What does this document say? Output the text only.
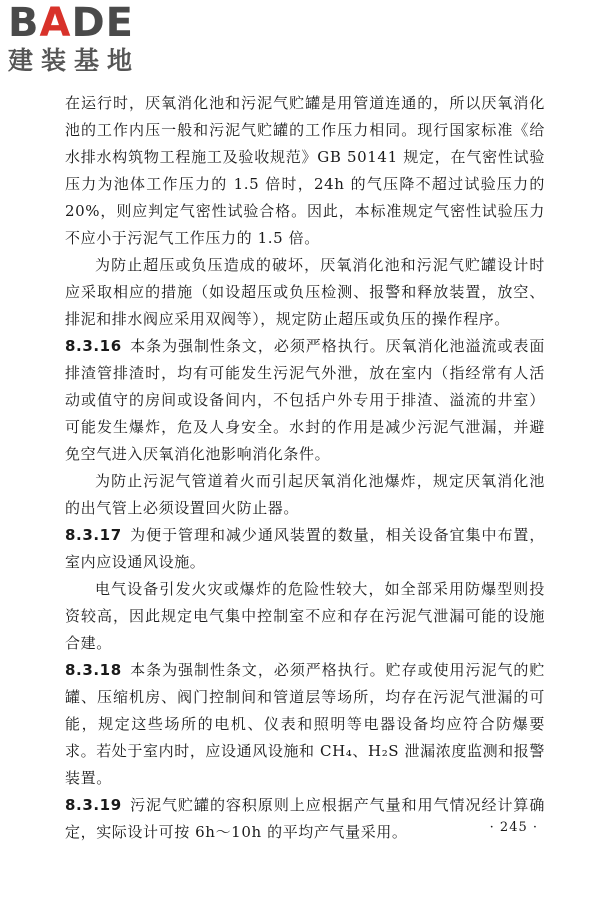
B A D E
建装基地

在运行时，厌氧消化池和污泥气贮罐是用管道连通的，所以厌氧消化池的工作内压一般和污泥气贮罐的工作压力相同。现行国家标准《给水排水构筑物工程施工及验收规范》GB 50141 规定，在气密性试验压力为池体工作压力的 1.5 倍时，24h 的气压降不超过试验压力的 20%，则应判定气密性试验合格。因此，本标准规定气密性试验压力不应小于污泥气工作压力的 1.5 倍。

为防止超压或负压造成的破坏，厌氧消化池和污泥气贮罐设计时应采取相应的措施（如设超压或负压检测、报警和释放装置，放空、排泥和排水阀应采用双阀等），规定防止超压或负压的操作程序。

8.3.16 本条为强制性条文，必须严格执行。厌氧消化池溢流或表面排渣管排渣时，均有可能发生污泥气外泄，放在室内（指经常有人活动或值守的房间或设备间内，不包括户外专用于排渣、溢流的井室）可能发生爆炸，危及人身安全。水封的作用是减少污泥气泄漏，并避免空气进入厌氧消化池影响消化条件。

为防止污泥气管道着火而引起厌氧消化池爆炸，规定厌氧消化池的出气管上必须设置回火防止器。

8.3.17 为便于管理和减少通风装置的数量，相关设备宜集中布置，室内应设通风设施。

电气设备引发火灾或爆炸的危险性较大，如全部采用防爆型则投资较高，因此规定电气集中控制室不应和存在污泥气泄漏可能的设施合建。

8.3.18 本条为强制性条文，必须严格执行。贮存或使用污泥气的贮罐、压缩机房、阀门控制间和管道层等场所，均存在污泥气泄漏的可能，规定这些场所的电机、仪表和照明等电器设备均应符合防爆要求。若处于室内时，应设通风设施和 CH₄、H₂S 泄漏浓度监测和报警装置。

8.3.19 污泥气贮罐的容积原则上应根据产气量和用气情况经计算确定，实际设计可按 6h～10h 的平均产气量采用。	· 245 ·
